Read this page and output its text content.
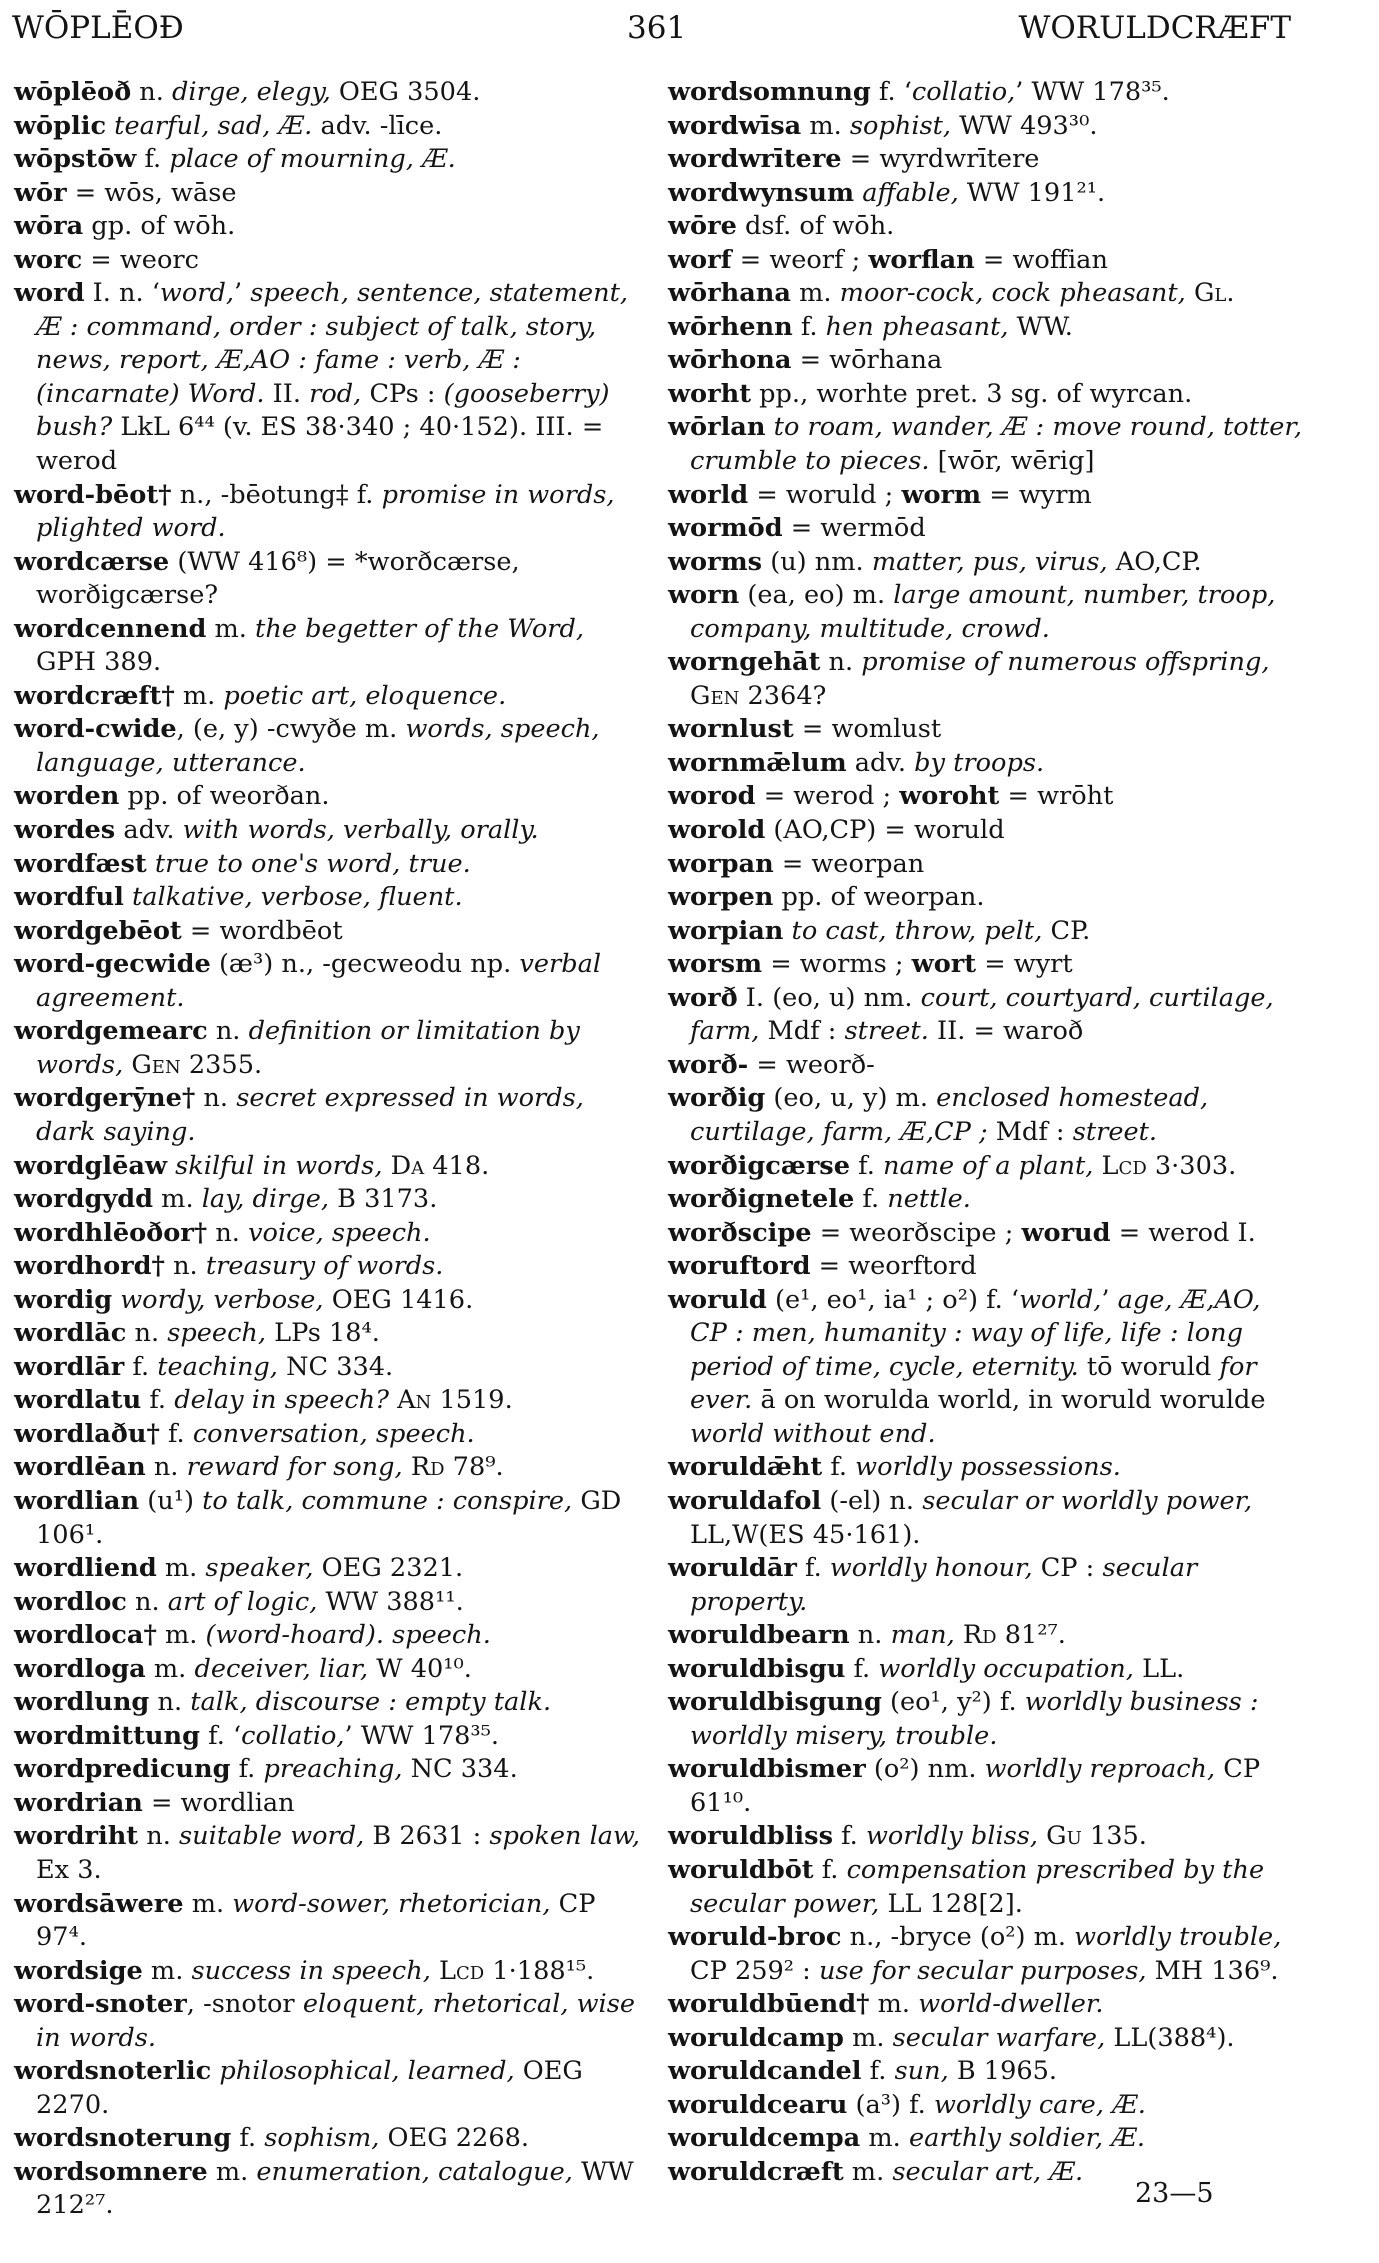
WŌPLĒOÐ	361	WORULDCRÆFT
wōplēoð n. dirge, elegy, OEG 3504.
wōplic tearful, sad, Æ. adv. -līce.
wōpstōw f. place of mourning, Æ.
wōr = wōs, wāse
wōra gp. of wōh.
worc = weorc
word I. n. ‘word,’ speech, sentence, statement, Æ : command, order : subject of talk, story, news, report, Æ,AO : fame : verb, Æ : (incarnate) Word. II. rod, CPs : (gooseberry) bush? LkL 6⁴⁴ (v. ES 38·340 ; 40·152). III. = werod
word-bēot† n., -bēotung‡ f. promise in words, plighted word.
wordcærse (WW 416⁸) = *worðcærse, worðigcærse?
wordcennend m. the begetter of the Word, GPH 389.
wordcræft† m. poetic art, eloquence.
word-cwide, (e, y) -cwyðe m. words, speech, language, utterance.
worden pp. of weorðan.
wordes adv. with words, verbally, orally.
wordfæst true to one's word, true.
wordful talkative, verbose, fluent.
wordgebēot = wordbēot
word-gecwide (æ³) n., -gecweodu np. verbal agreement.
wordgemearc n. definition or limitation by words, Gen 2355.
wordgerȳne† n. secret expressed in words, dark saying.
wordglēaw skilful in words, Da 418.
wordgydd m. lay, dirge, B 3173.
wordhlēoðor† n. voice, speech.
wordhord† n. treasury of words.
wordig wordy, verbose, OEG 1416.
wordlāc n. speech, LPs 18⁴.
wordlār f. teaching, NC 334.
wordlatu f. delay in speech? An 1519.
wordlaðu† f. conversation, speech.
wordlēan n. reward for song, Rd 78⁹.
wordlian (u¹) to talk, commune : conspire, GD 106¹.
wordliend m. speaker, OEG 2321.
wordloc n. art of logic, WW 388¹¹.
wordloca† m. (word-hoard). speech.
wordloga m. deceiver, liar, W 40¹⁰.
wordlung n. talk, discourse : empty talk.
wordmittung f. ‘collatio,’ WW 178³⁵.
wordpredicung f. preaching, NC 334.
wordrian = wordlian
wordriht n. suitable word, B 2631 : spoken law, Ex 3.
wordsāwere m. word-sower, rhetorician, CP 97⁴.
wordsige m. success in speech, Lcd 1·188¹⁵.
word-snoter, -snotor eloquent, rhetorical, wise in words.
wordsnoterlic philosophical, learned, OEG 2270.
wordsnoterung f. sophism, OEG 2268.
wordsomnere m. enumeration, catalogue, WW 212²⁷.
wordsomnung f. ‘collatio,’ WW 178³⁵.
wordwīsa m. sophist, WW 493³⁰.
wordwrītere = wyrdwrītere
wordwynsum affable, WW 191²¹.
wōre dsf. of wōh.
worf = weorf ; worflan = woffian
wōrhana m. moor-cock, cock pheasant, Gl.
wōrhenn f. hen pheasant, WW.
wōrhona = wōrhana
worht pp., worhte pret. 3 sg. of wyrcan.
wōrlan to roam, wander, Æ : move round, totter, crumble to pieces. [wōr, wērig]
world = woruld ; worm = wyrm
wormōd = wermōd
worms (u) nm. matter, pus, virus, AO,CP.
worn (ea, eo) m. large amount, number, troop, company, multitude, crowd.
worngehāt n. promise of numerous offspring, Gen 2364?
wornlust = womlust
wornmǣlum adv. by troops.
worod = werod ; woroht = wrōht
worold (AO,CP) = woruld
worpan = weorpan
worpen pp. of weorpan.
worpian to cast, throw, pelt, CP.
worsm = worms ; wort = wyrt
worð I. (eo, u) nm. court, courtyard, curtilage, farm, Mdf : street. II. = waroð
worð- = weorð-
worðig (eo, u, y) m. enclosed homestead, curtilage, farm, Æ,CP ; Mdf : street.
worðigcærse f. name of a plant, Lcd 3·303.
worðignetele f. nettle.
worðscipe = weorðscipe ; worud = werod I.
woruftord = weorftord
woruld (e¹, eo¹, ia¹ ; o²) f. ‘world,’ age, Æ,AO, CP : men, humanity : way of life, life : long period of time, cycle, eternity. tō woruld for ever. ā on worulda world, in woruld worulde world without end.
woruldǣht f. worldly possessions.
woruldafol (-el) n. secular or worldly power, LL,W(ES 45·161).
woruldār f. worldly honour, CP : secular property.
woruldbearn n. man, Rd 81²⁷.
woruldbisgu f. worldly occupation, LL.
woruldbisgung (eo¹, y²) f. worldly business : worldly misery, trouble.
woruldbismer (o²) nm. worldly reproach, CP 61¹⁰.
woruldbliss f. worldly bliss, Gu 135.
woruldbōt f. compensation prescribed by the secular power, LL 128[2].
woruld-broc n., -bryce (o²) m. worldly trouble, CP 259² : use for secular purposes, MH 136⁹.
woruldbūend† m. world-dweller.
woruldcamp m. secular warfare, LL(388⁴).
woruldcandel f. sun, B 1965.
woruldcearu (a³) f. worldly care, Æ.
woruldcempa m. earthly soldier, Æ.
woruldcræft m. secular art, Æ.
23—5
